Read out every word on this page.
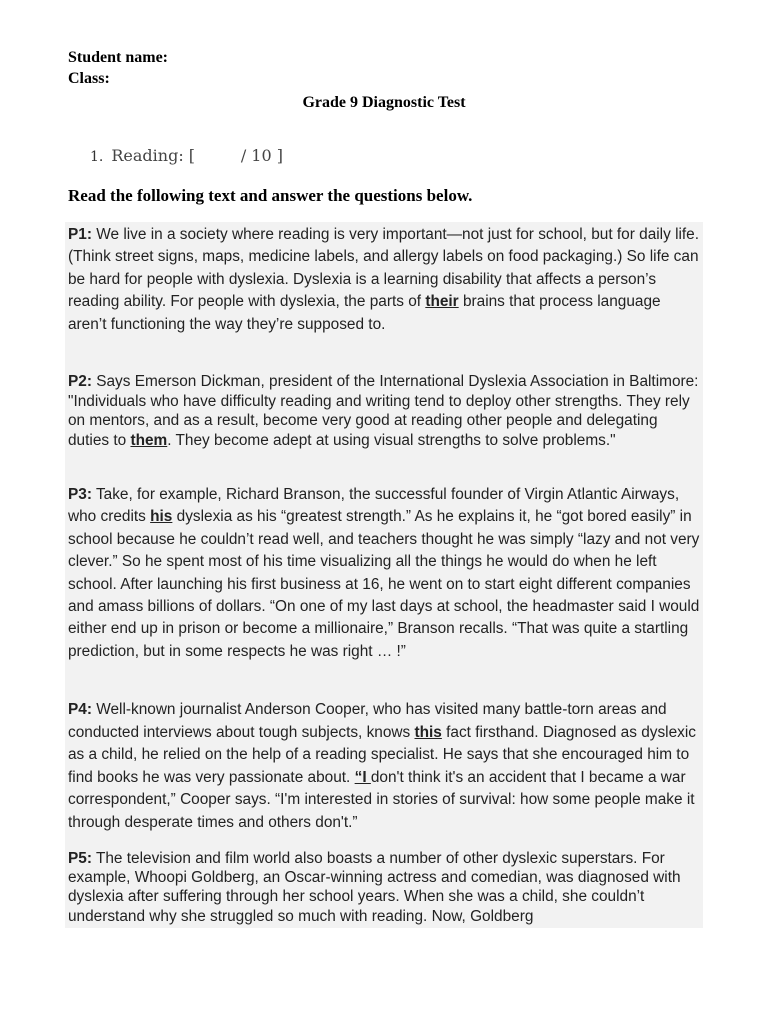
Student name:
Class:
Grade 9 Diagnostic Test
1. Reading: [         / 10 ]
Read the following text and answer the questions below.

P1: We live in a society where reading is very important—not just for school, but for daily life. (Think street signs, maps, medicine labels, and allergy labels on food packaging.) So life can be hard for people with dyslexia. Dyslexia is a learning disability that affects a person’s reading ability. For people with dyslexia, the parts of their brains that process language aren’t functioning the way they’re supposed to.

P2: Says Emerson Dickman, president of the International Dyslexia Association in Baltimore: "Individuals who have difficulty reading and writing tend to deploy other strengths. They rely on mentors, and as a result, become very good at reading other people and delegating duties to them. They become adept at using visual strengths to solve problems."

P3: Take, for example, Richard Branson, the successful founder of Virgin Atlantic Airways, who credits his dyslexia as his “greatest strength.” As he explains it, he “got bored easily” in school because he couldn’t read well, and teachers thought he was simply “lazy and not very clever.” So he spent most of his time visualizing all the things he would do when he left school. After launching his first business at 16, he went on to start eight different companies and amass billions of dollars. “On one of my last days at school, the headmaster said I would either end up in prison or become a millionaire,” Branson recalls. “That was quite a startling prediction, but in some respects he was right … !”

P4: Well-known journalist Anderson Cooper, who has visited many battle-torn areas and conducted interviews about tough subjects, knows this fact firsthand. Diagnosed as dyslexic as a child, he relied on the help of a reading specialist. He says that she encouraged him to find books he was very passionate about. “I don't think it's an accident that I became a war correspondent,” Cooper says. “I'm interested in stories of survival: how some people make it through desperate times and others don't.”

P5: The television and film world also boasts a number of other dyslexic superstars. For example, Whoopi Goldberg, an Oscar-winning actress and comedian, was diagnosed with dyslexia after suffering through her school years. When she was a child, she couldn’t understand why she struggled so much with reading. Now, Goldberg
